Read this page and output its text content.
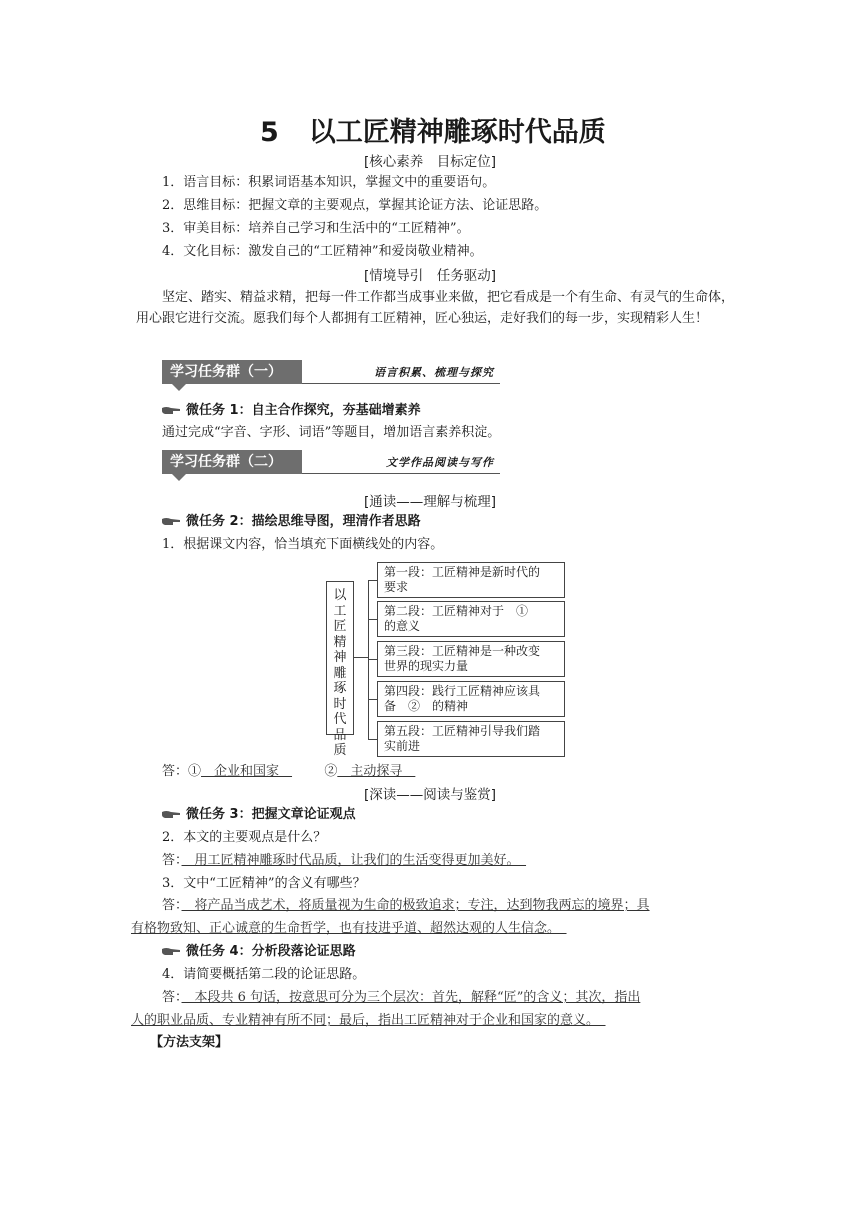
5 以工匠精神雕琢时代品质
[核心素养　目标定位]
1．语言目标：积累词语基本知识，掌握文中的重要语句。
2．思维目标：把握文章的主要观点，掌握其论证方法、论证思路。
3．审美目标：培养自己学习和生活中的“工匠精神”。
4．文化目标：激发自己的“工匠精神”和爱岗敬业精神。
[情境导引　任务驱动]
坚定、踏实、精益求精，把每一件工作都当成事业来做，把它看成是一个有生命、有灵气的生命体，用心跟它进行交流。愿我们每个人都拥有工匠精神，匠心独运，走好我们的每一步，实现精彩人生！
学习任务群（一）	语言积累、梳理与探究
微任务 1：自主合作探究，夯基础增素养
通过完成“字音、字形、词语”等题目，增加语言素养积淀。
学习任务群（二）	文学作品阅读与写作
[通读——理解与梳理]
微任务 2：描绘思维导图，理清作者思路
1．根据课文内容，恰当填充下面横线处的内容。
以
工
匠
精
神
雕
琢
时
代
品
质
第一段：工匠精神是新时代的
要求
第二段：工匠精神对于　①　
的意义
第三段：工匠精神是一种改变
世界的现实力量
第四段：践行工匠精神应该具
备　②　的精神
第五段：工匠精神引导我们踏
实前进
答：①　企业和国家　  ②　主动探寻　
[深读——阅读与鉴赏]
微任务 3：把握文章论证观点
2．本文的主要观点是什么？
答：　用工匠精神雕琢时代品质，让我们的生活变得更加美好。　
3．文中“工匠精神”的含义有哪些？
答：　将产品当成艺术，将质量视为生命的极致追求；专注，达到物我两忘的境界；具
有格物致知、正心诚意的生命哲学，也有技进乎道、超然达观的人生信念。　
微任务 4：分析段落论证思路
4．请简要概括第二段的论证思路。
答：　本段共 6 句话，按意思可分为三个层次：首先，解释“匠”的含义；其次，指出
人的职业品质、专业精神有所不同；最后，指出工匠精神对于企业和国家的意义。　
【方法支架】
